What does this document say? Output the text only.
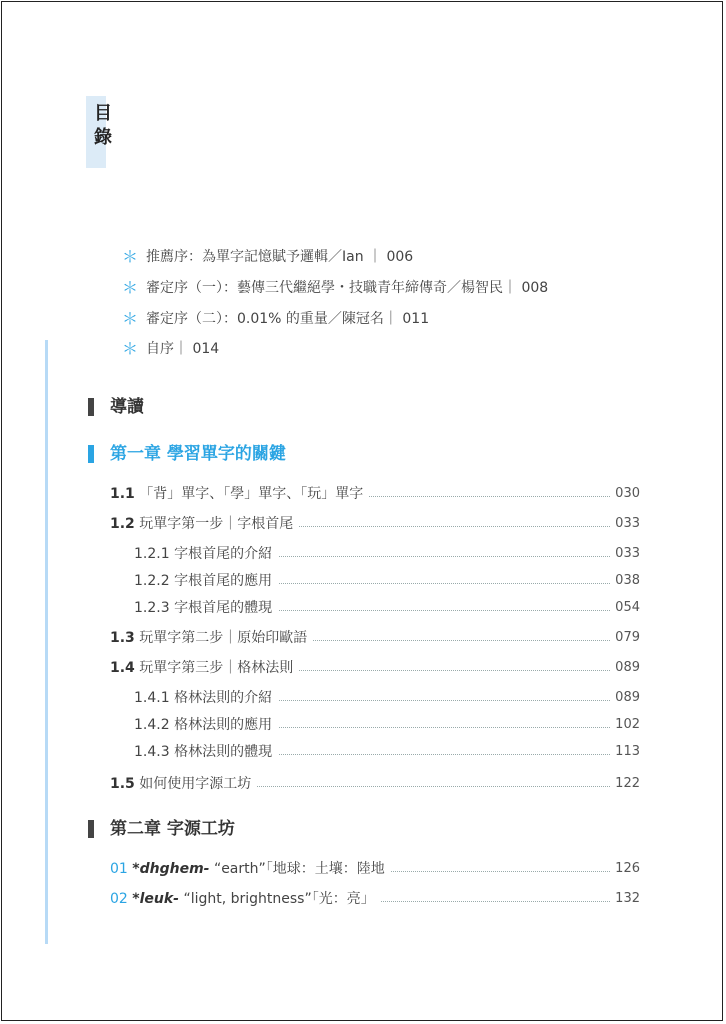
目
錄
＊ 推薦序：為單字記憶賦予邏輯／Ian ｜ 006
＊ 審定序（一）：藝傳三代繼絕學・技職青年締傳奇／楊智民｜ 008
＊ 審定序（二）：0.01% 的重量／陳冠名｜ 011
＊ 自序｜ 014
導讀
第一章 學習單字的關鍵
1.1 「背」單字、「學」單字、「玩」單字	030
1.2 玩單字第一步｜字根首尾	033
1.2.1 字根首尾的介紹	033
1.2.2 字根首尾的應用	038
1.2.3 字根首尾的體現	054
1.3 玩單字第二步｜原始印歐語	079
1.4 玩單字第三步｜格林法則	089
1.4.1 格林法則的介紹	089
1.4.2 格林法則的應用	102
1.4.3 格林法則的體現	113
1.5 如何使用字源工坊	122
第二章 字源工坊
01 *dhghem- “earth”「地球：土壤：陸地	126
02 *leuk- “light, brightness”「光：亮」	132
